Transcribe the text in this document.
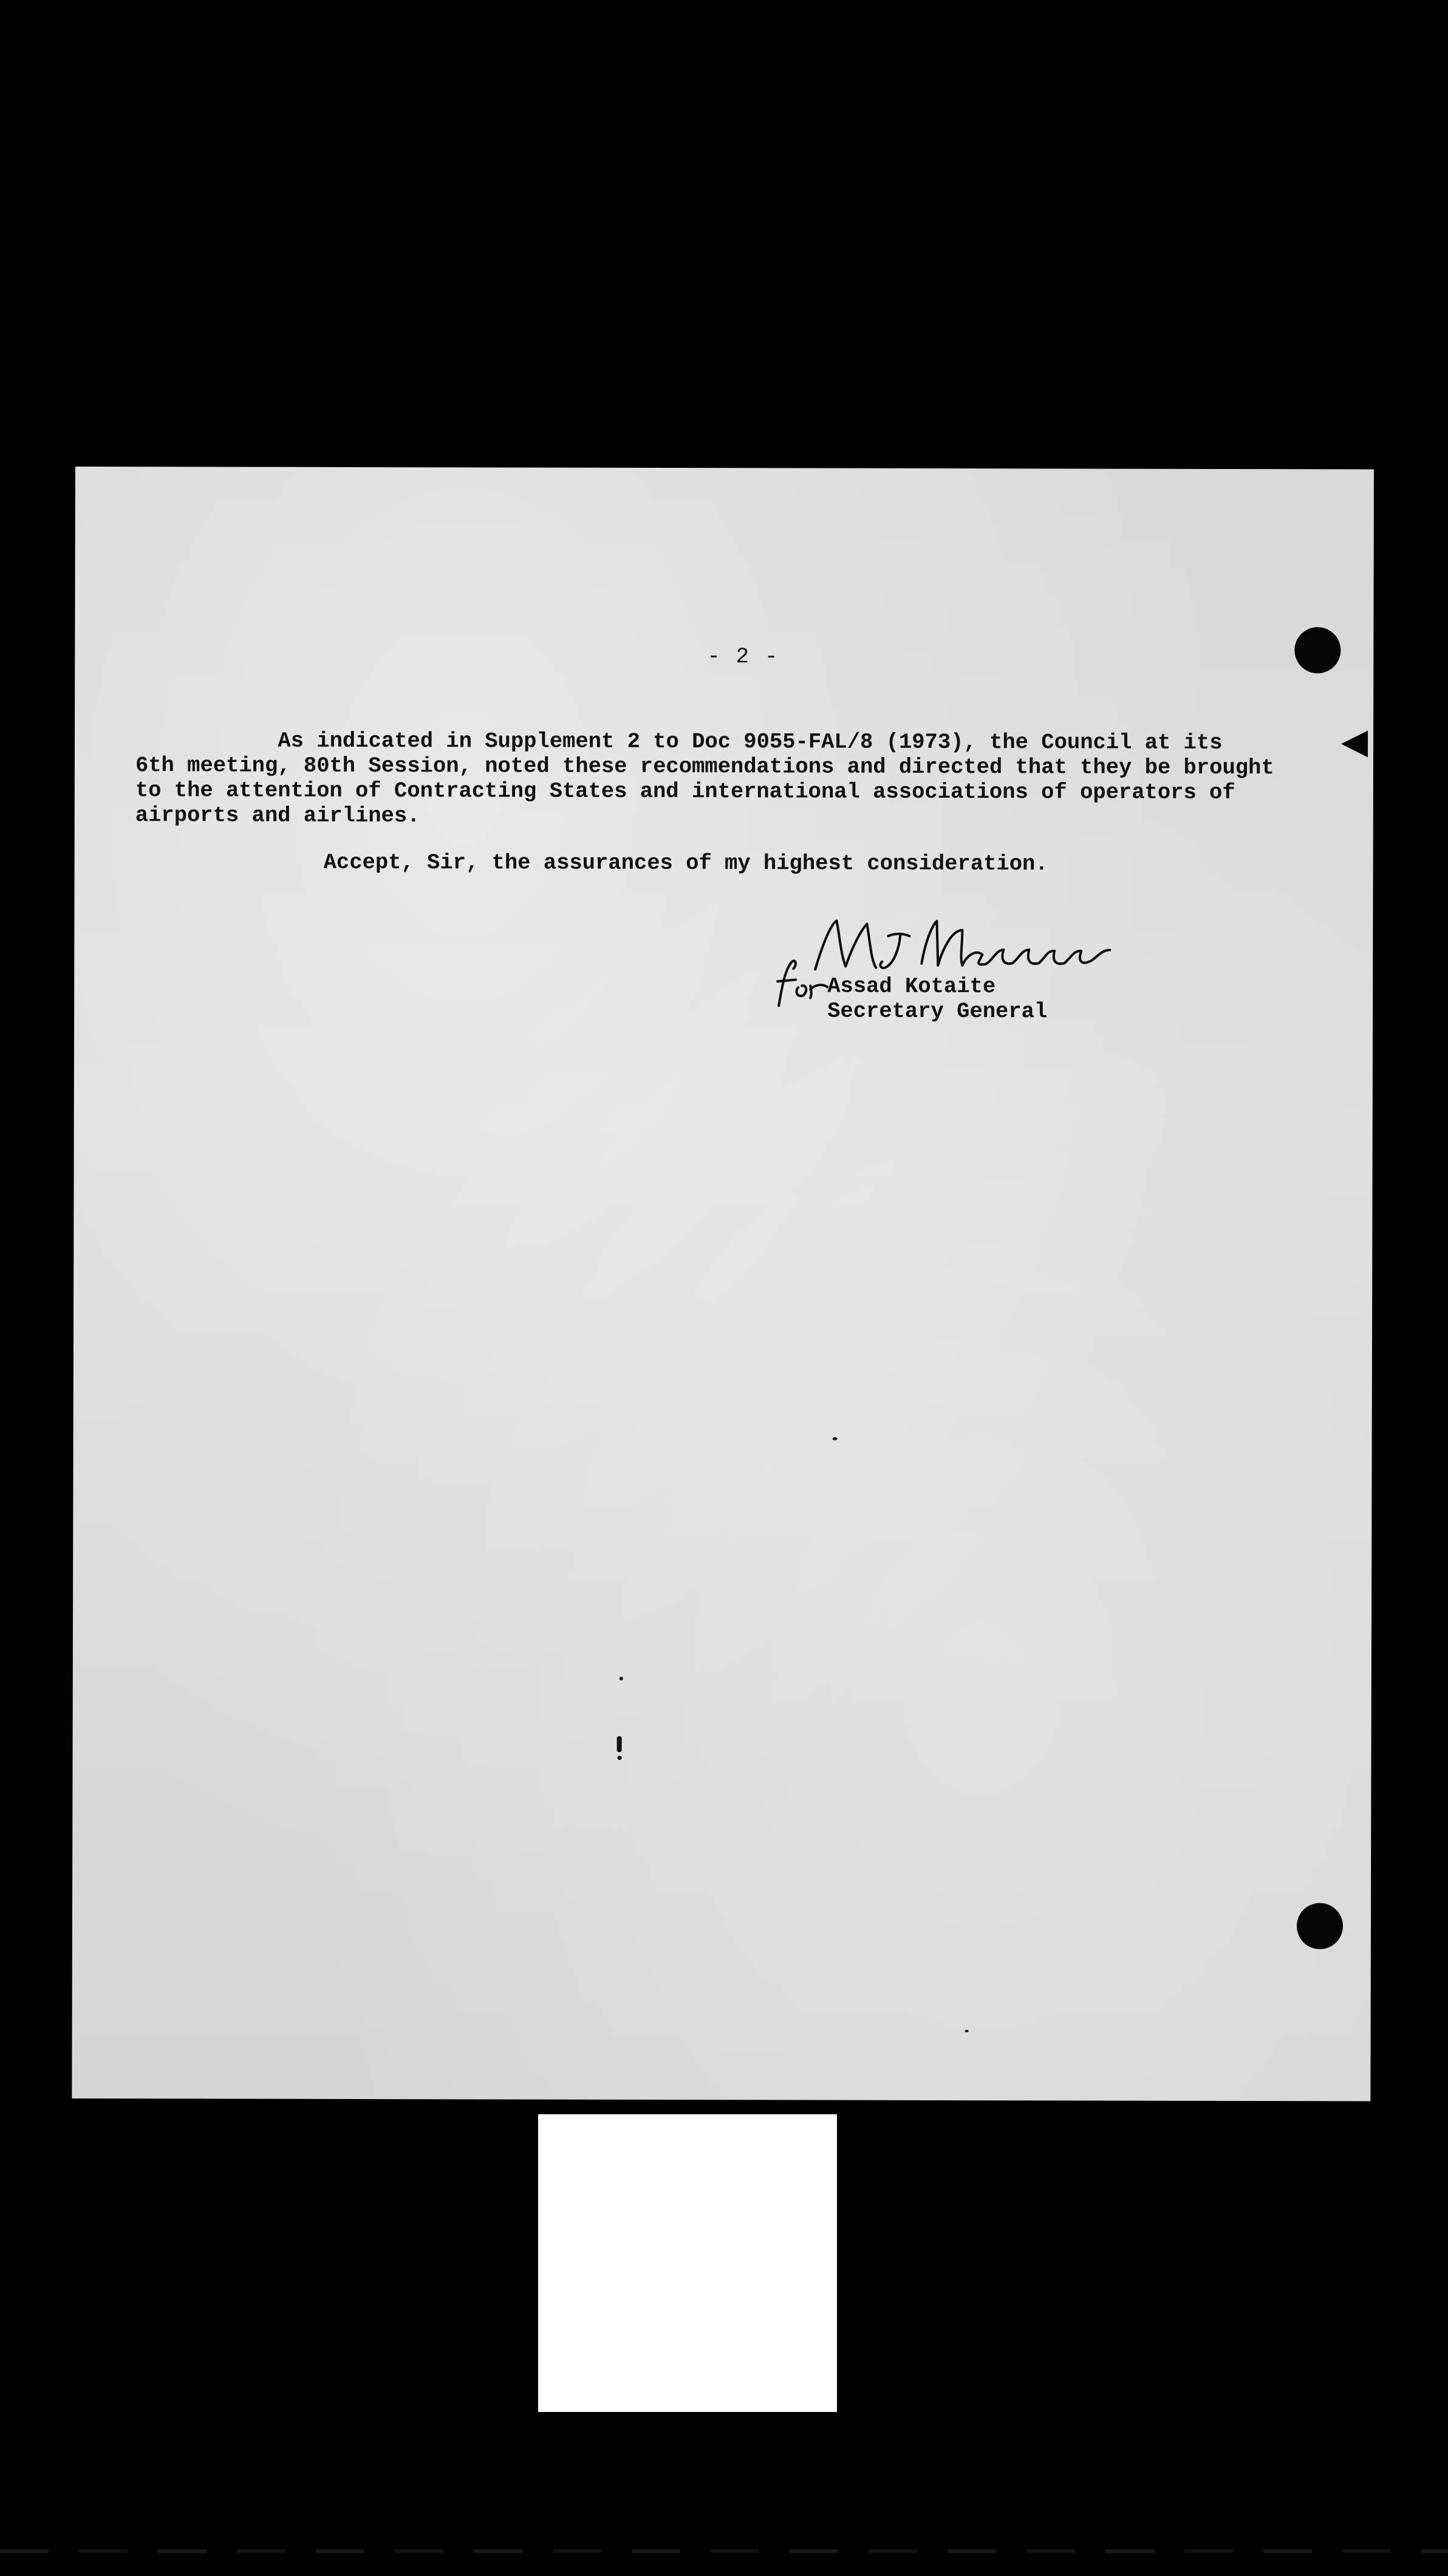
- 2 -
As indicated in Supplement 2 to Doc 9055-FAL/8 (1973), the Council at its
6th meeting, 80th Session, noted these recommendations and directed that they be brought
to the attention of Contracting States and international associations of operators of
airports and airlines.
Accept, Sir, the assurances of my highest consideration.
Assad Kotaite
Secretary General
